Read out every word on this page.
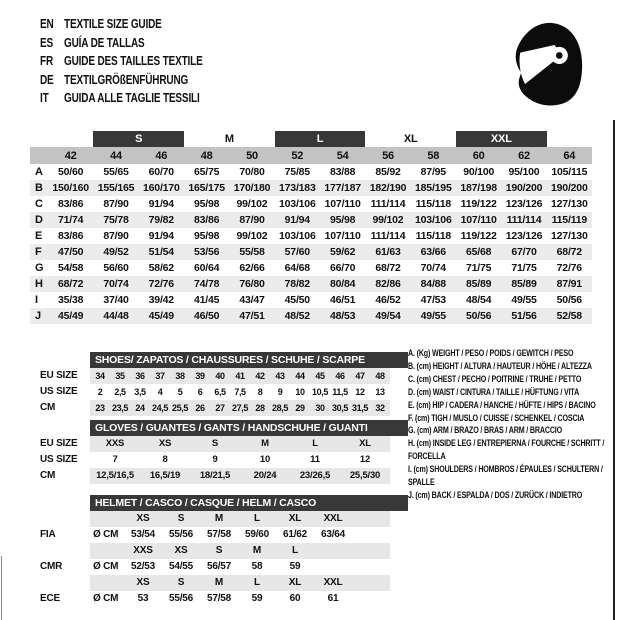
EN TEXTILE SIZE GUIDE
ES GUÍA DE TALLAS
FR GUIDE DES TAILLES TEXTILE
DE TEXTILGRÖßENFÜHRUNG
IT	GUIDA ALLE TAGLIE TESSILI
S	M	L	XL	XXL
42	44	46	48	50	52	54	56	58	60	62	64
A	50/60	55/65	60/70	65/75	70/80	75/85	83/88	85/92	87/95	90/100	95/100	105/115
B 150/160 155/165 160/170 165/175 170/180 173/183 177/187 182/190 185/195 187/198 190/200 190/200
C	83/86	87/90	91/94	95/98	99/102	103/106 107/110 111/114 115/118 119/122 123/126 127/130
D	71/74	75/78	79/82	83/86	87/90	91/94	95/98	99/102	103/106 107/110 111/114 115/119
E	83/86	87/90	91/94	95/98	99/102	103/106 107/110 111/114 115/118 119/122 123/126 127/130
F	47/50	49/52	51/54	53/56	55/58	57/60	59/62	61/63	63/66	65/68	67/70	68/72
G	54/58	56/60	58/62	60/64	62/66	64/68	66/70	68/72	70/74	71/75	71/75	72/76
H	68/72	70/74	72/76	74/78	76/80	78/82	80/84	82/86	84/88	85/89	85/89	87/91
I	35/38	37/40	39/42	41/45	43/47	45/50	46/51	46/52	47/53	48/54	49/55	50/56
J	45/49	44/48	45/49	46/50	47/51	48/52	48/53	49/54	49/55	50/56	51/56	52/58
SHOES/ ZAPATOS / CHAUSSURES / SCHUHE / SCARPE
EU SIZE	34	35	36	37	38	39	40	41	42	43	44	45	46	47	48
US SIZE	2	2,5 3,5	4	5	6	6,5 7,5	8	9	10 10,5 11,5 12	13
CM	23 23,5 24 24,5 25,5 26	27 27,5 28 28,5 29	30 30,5 31,5 32
GLOVES / GUANTES / GANTS / HANDSCHUHE / GUANTI
EU SIZE	XXS	XS	S	M	L	XL
US SIZE	7	8	9	10	11	12
CM	12,5/16,5	16,5/19	18/21,5	20/24	23/26,5	25,5/30
HELMET / CASCO / CASQUE / HELM / CASCO
XS	S	M	L	XL	XXL
FIA	Ø CM	53/54	55/56	57/58	59/60	61/62	63/64
XXS	XS	S	M	L
CMR	Ø CM	52/53	54/55	56/57	58	59
XS	S	M	L	XL	XXL
ECE	Ø CM	53	55/56	57/58	59	60	61
A. (Kg) WEIGHT / PESO / POIDS / GEWITCH / PESO
B. (cm) HEIGHT / ALTURA / HAUTEUR / HÖHE / ALTEZZA
C. (cm) CHEST / PECHO / POITRINE / TRUHE / PETTO
D. (cm) WAIST / CINTURA / TAILLE / HÜFTUNG / VITA
E. (cm) HIP / CADERA / HANCHE / HÜFTE / HIPS / BACINO
F. (cm) TIGH / MUSLO / CUISSE / SCHENKEL / COSCIA
G. (cm) ARM / BRAZO / BRAS / ARM / BRACCIO
H. (cm) INSIDE LEG / ENTREPIERNA / FOURCHE / SCHRITT / FORCELLA
I. (cm) SHOULDERS / HOMBROS / ÉPAULES / SCHULTERN / SPALLE
J. (cm) BACK / ESPALDA / DOS / ZURÜCK / INDIETRO
